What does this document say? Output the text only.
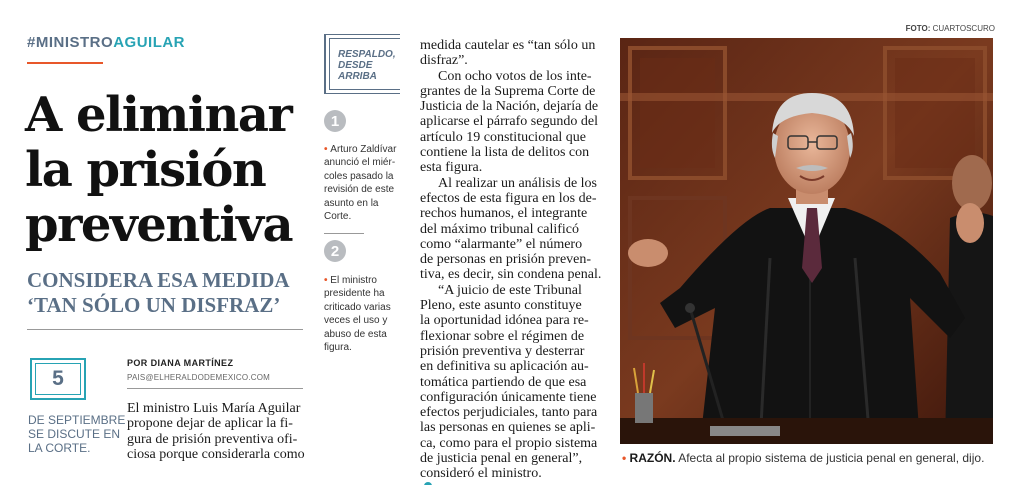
#MINISTROAGUILAR
A eliminar
la prisión
preventiva
CONSIDERA ESA MEDIDA
‘TAN SÓLO UN DISFRAZ’
5
DE SEPTIEMBRE
SE DISCUTE EN
LA CORTE.
POR DIANA MARTÍNEZ
PAIS@ELHERALDODEMEXICO.COM
El ministro Luis María Aguilar
propone dejar de aplicar la fi-
gura de prisión preventiva ofi-
ciosa porque considerarla como
RESPALDO,
DESDE
ARRIBA
1
• Arturo Zaldívar
anunció el miér-
coles pasado la
revisión de este
asunto en la
Corte.
2
• El ministro
presidente ha
criticado varias
veces el uso y
abuso de esta
figura.
medida cautelar es “tan sólo un
disfraz”.
Con ocho votos de los inte-
grantes de la Suprema Corte de
Justicia de la Nación, dejaría de
aplicarse el párrafo segundo del
artículo 19 constitucional que
contiene la lista de delitos con
esta figura.
Al realizar un análisis de los
efectos de esta figura en los de-
rechos humanos, el integrante
del máximo tribunal calificó
como “alarmante” el número
de personas en prisión preven-
tiva, es decir, sin condena penal.
“A juicio de este Tribunal
Pleno, este asunto constituye
la oportunidad idónea para re-
flexionar sobre el régimen de
prisión preventiva y desterrar
en definitiva su aplicación au-
tomática partiendo de que esa
configuración únicamente tiene
efectos perjudiciales, tanto para
las personas en quienes se apli-
ca, como para el propio sistema
de justicia penal en general”,
consideró el ministro.
FOTO: CUARTOSCURO
• RAZÓN. Afecta al propio sistema de justicia penal en general, dijo.
